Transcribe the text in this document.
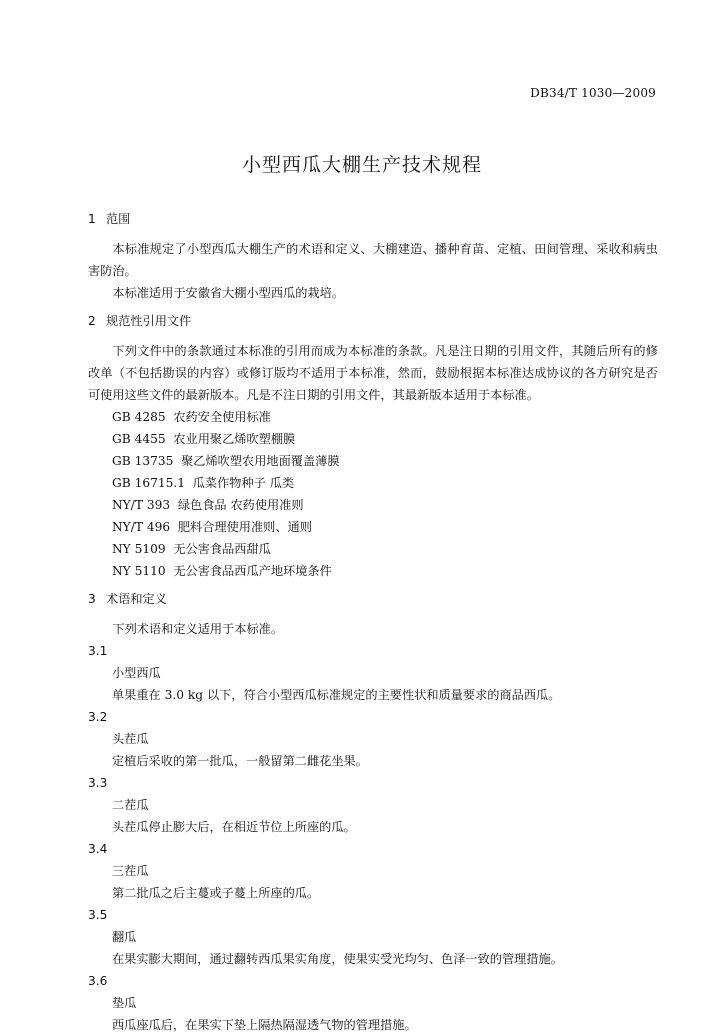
DB34/T 1030—2009
小型西瓜大棚生产技术规程
1 范围

本标准规定了小型西瓜大棚生产的术语和定义、大棚建造、播种育苗、定植、田间管理、采收和病虫害防治。

本标准适用于安徽省大棚小型西瓜的栽培。

2 规范性引用文件

下列文件中的条款通过本标准的引用而成为本标准的条款。凡是注日期的引用文件，其随后所有的修改单（不包括勘误的内容）或修订版均不适用于本标准，然而，鼓励根据本标准达成协议的各方研究是否可使用这些文件的最新版本。凡是不注日期的引用文件，其最新版本适用于本标准。

GB 4285 农药安全使用标准
GB 4455 农业用聚乙烯吹塑棚膜
GB 13735 聚乙烯吹塑农用地面覆盖薄膜
GB 16715.1 瓜菜作物种子 瓜类
NY/T 393 绿色食品 农药使用准则
NY/T 496 肥料合理使用准则、通则
NY 5109 无公害食品西甜瓜
NY 5110 无公害食品西瓜产地环境条件
3 术语和定义

下列术语和定义适用于本标准。

3.1
小型西瓜
单果重在 3.0 kg 以下，符合小型西瓜标准规定的主要性状和质量要求的商品西瓜。
3.2
头茬瓜
定植后采收的第一批瓜，一般留第二雌花坐果。
3.3
二茬瓜
头茬瓜停止膨大后，在相近节位上所座的瓜。
3.4
三茬瓜
第二批瓜之后主蔓或子蔓上所座的瓜。
3.5
翻瓜
在果实膨大期间，通过翻转西瓜果实角度，使果实受光均匀、色泽一致的管理措施。
3.6
垫瓜
西瓜座瓜后，在果实下垫上隔热隔湿透气物的管理措施。
